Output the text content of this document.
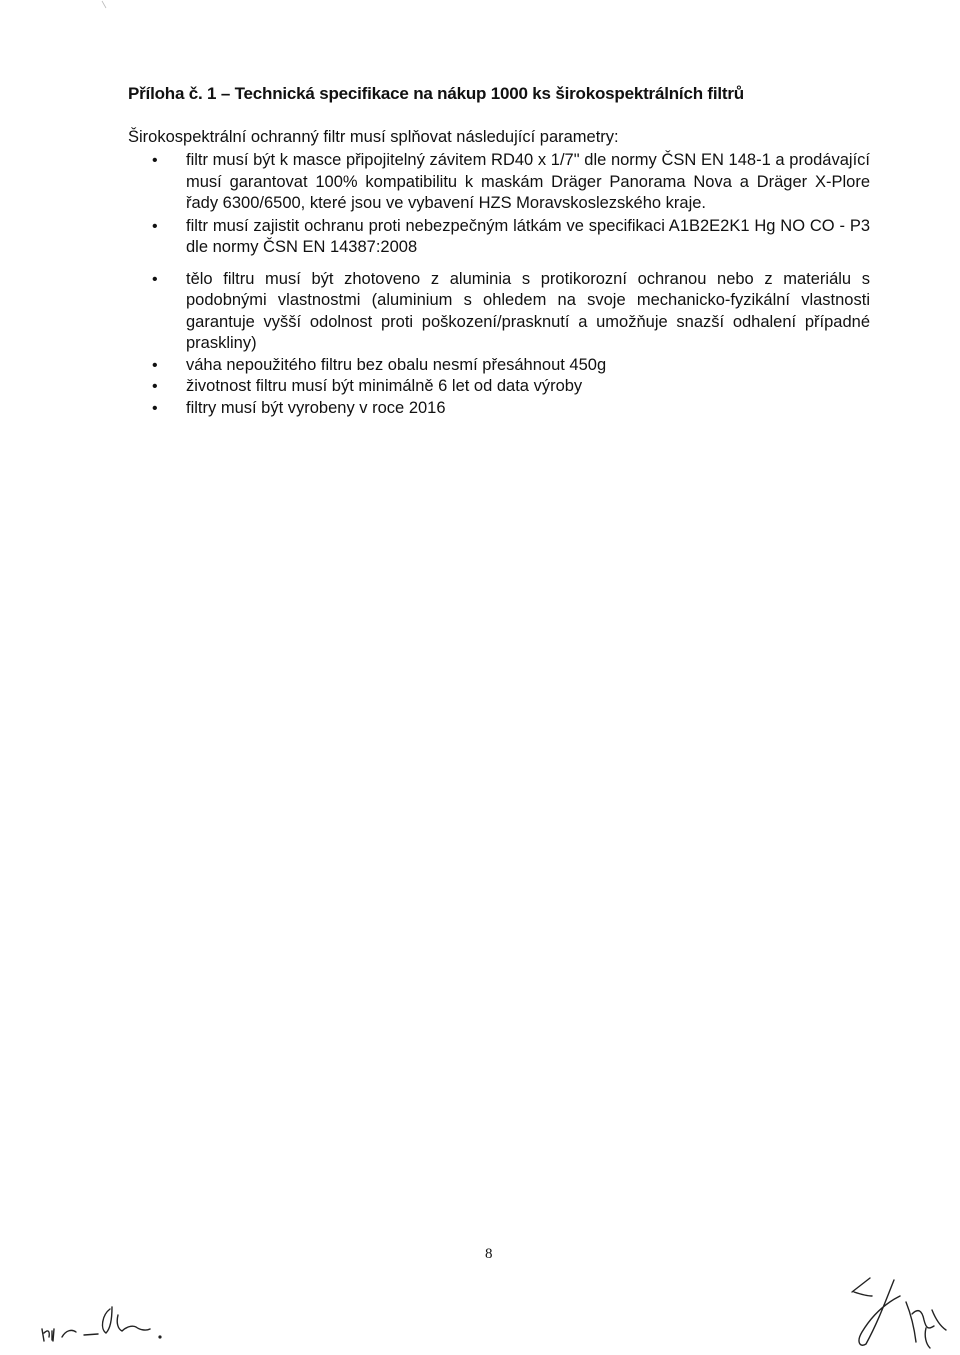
Příloha č. 1 – Technická specifikace na nákup 1000 ks širokospektrálních filtrů
Širokospektrální ochranný filtr musí splňovat následující parametry:
• filtr musí být k masce připojitelný závitem RD40 x 1/7" dle normy ČSN EN 148-1 a prodávající musí garantovat 100% kompatibilitu k maskám Dräger Panorama Nova a Dräger X-Plore řady 6300/6500, které jsou ve vybavení HZS Moravskoslezského kraje.
• filtr musí zajistit ochranu proti nebezpečným látkám ve specifikaci A1B2E2K1 Hg NO CO - P3 dle normy ČSN EN 14387:2008
• tělo filtru musí být zhotoveno z aluminia s protikorozní ochranou nebo z materiálu s podobnými vlastnostmi (aluminium s ohledem na svoje mechanicko-fyzikální vlastnosti garantuje vyšší odolnost proti poškození/prasknutí a umožňuje snazší odhalení případné praskliny)
• váha nepoužitého filtru bez obalu nesmí přesáhnout 450g
• životnost filtru musí být minimálně 6 let od data výroby
• filtry musí být vyrobeny v roce 2016
8
